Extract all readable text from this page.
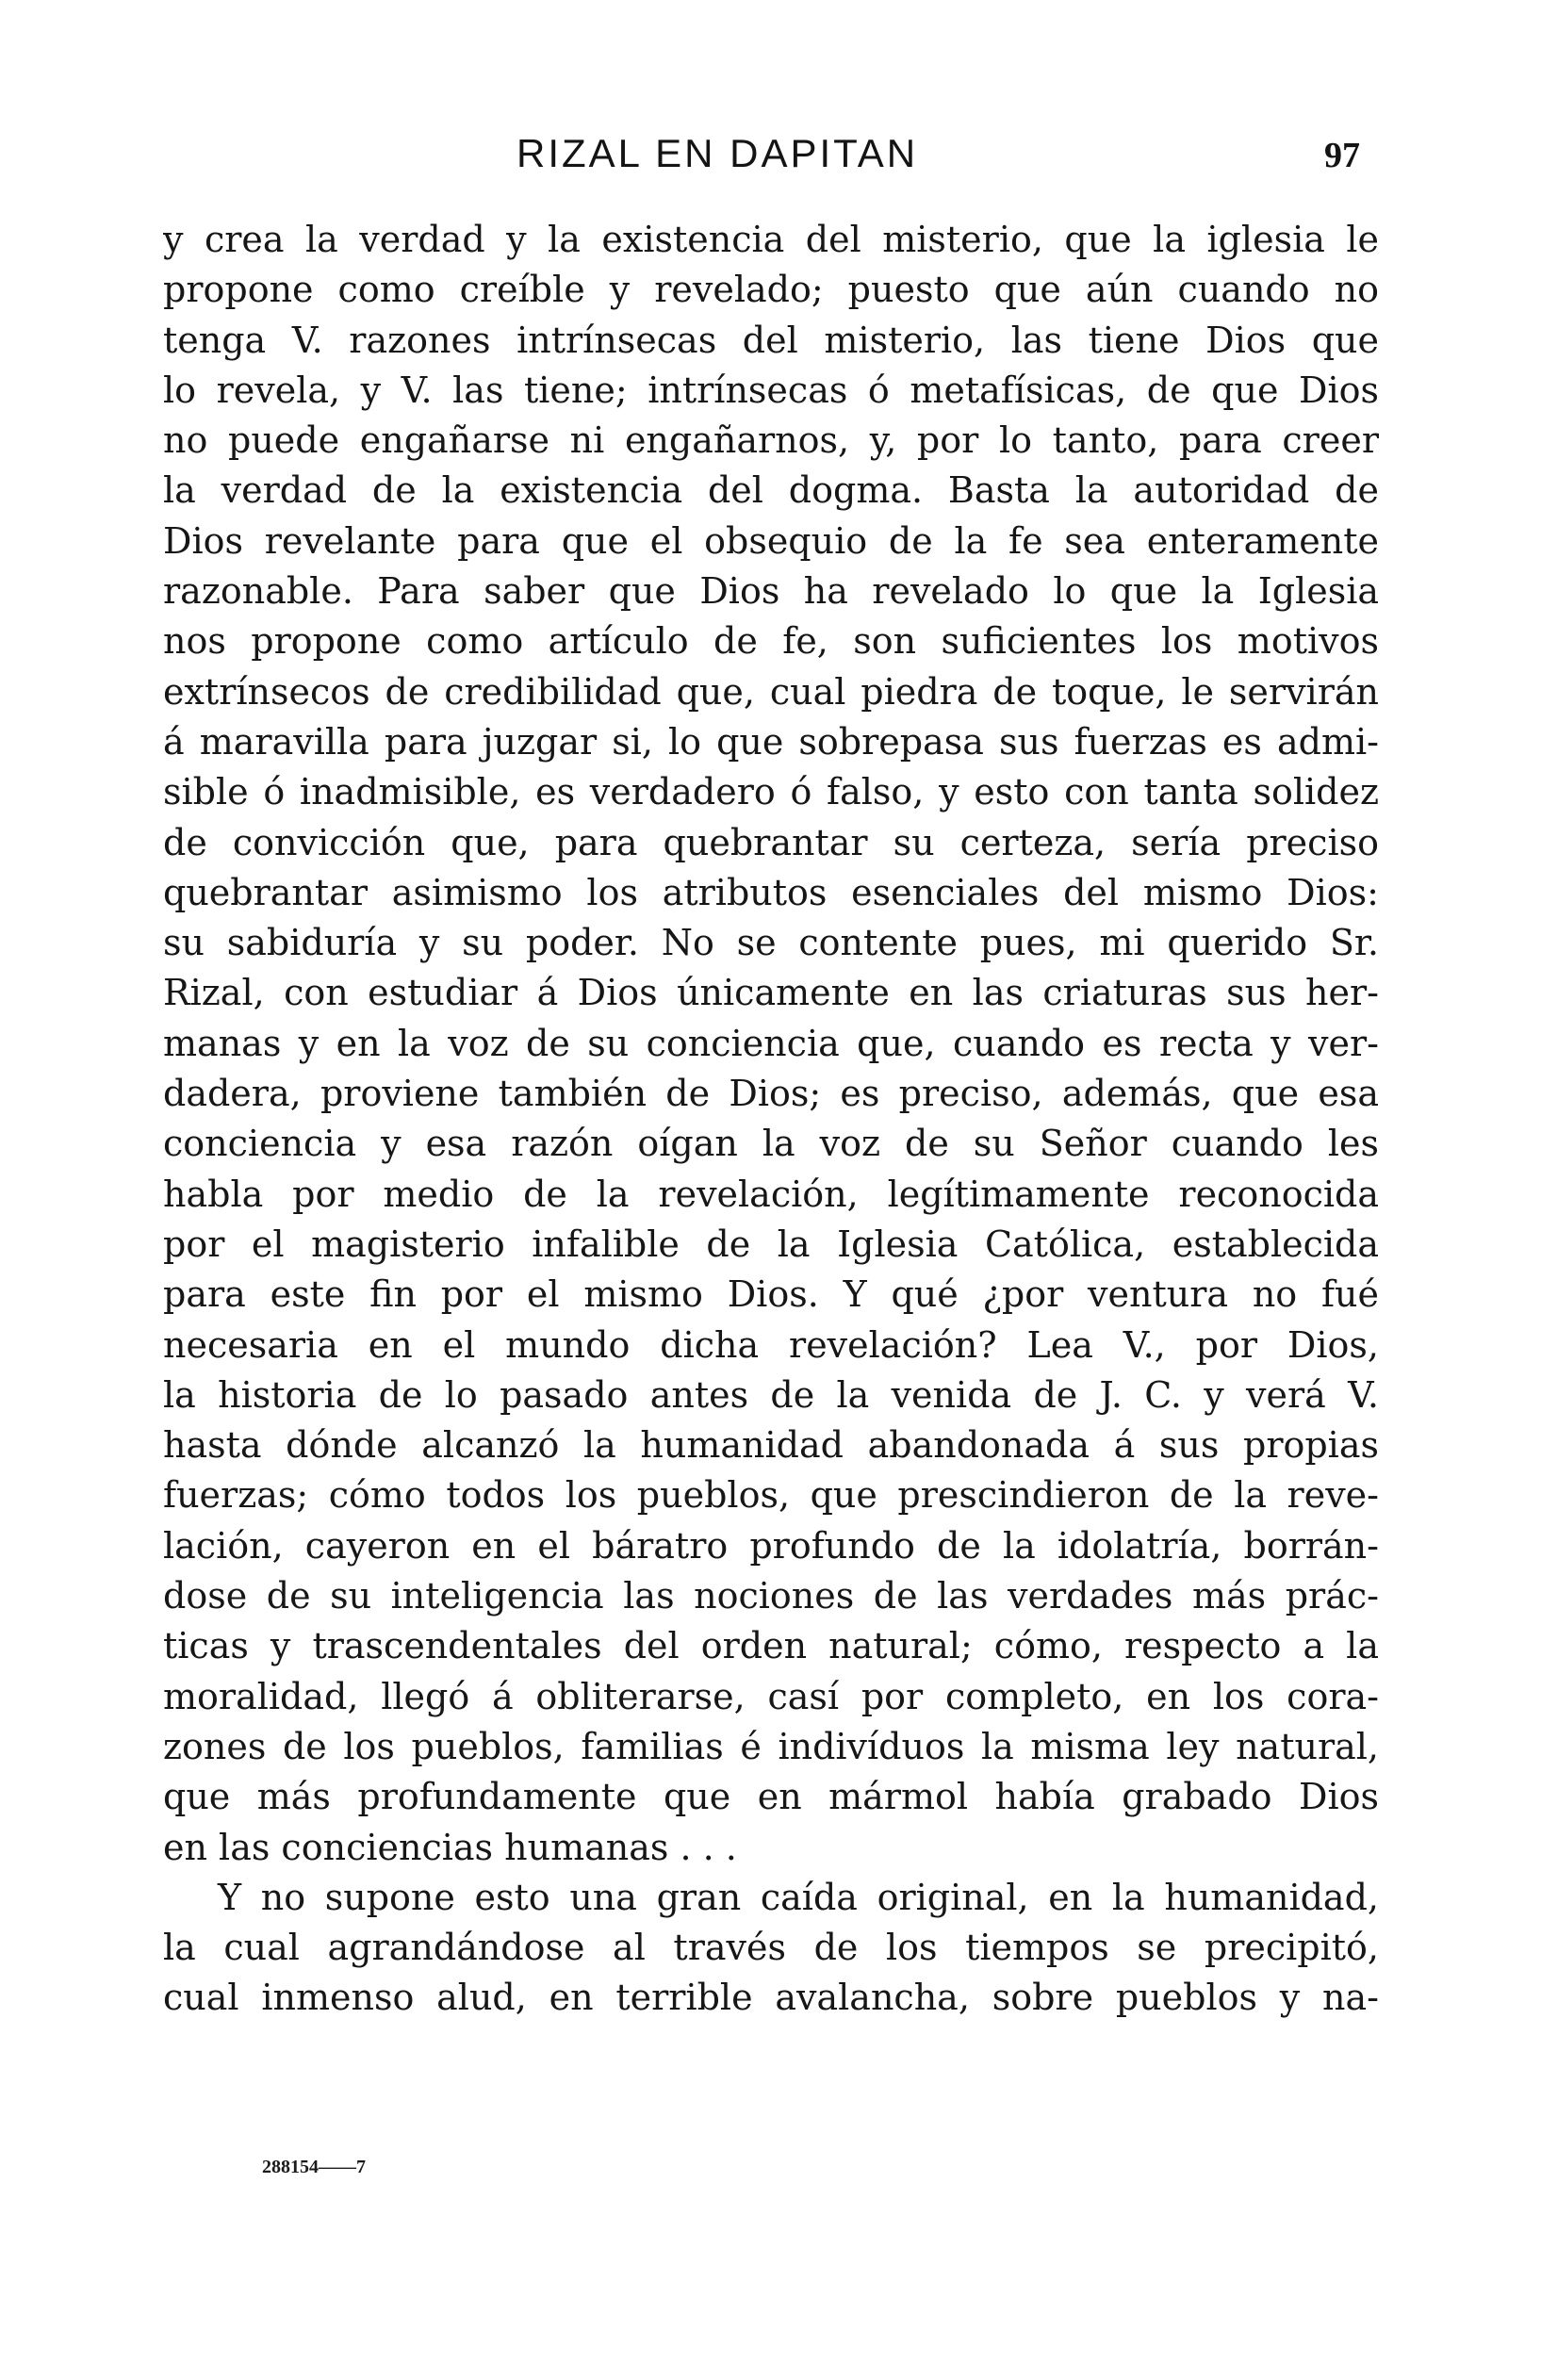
RIZAL EN DAPITAN	97
y crea la verdad y la existencia del misterio, que la iglesia le
propone como creíble y revelado; puesto que aún cuando no
tenga V. razones intrínsecas del misterio, las tiene Dios que
lo revela, y V. las tiene; intrínsecas ó metafísicas, de que Dios
no puede engañarse ni engañarnos, y, por lo tanto, para creer
la verdad de la existencia del dogma. Basta la autoridad de
Dios revelante para que el obsequio de la fe sea enteramente
razonable. Para saber que Dios ha revelado lo que la Iglesia
nos propone como artículo de fe, son suficientes los motivos
extrínsecos de credibilidad que, cual piedra de toque, le servirán
á maravilla para juzgar si, lo que sobrepasa sus fuerzas es admi-
sible ó inadmisible, es verdadero ó falso, y esto con tanta solidez
de convicción que, para quebrantar su certeza, sería preciso
quebrantar asimismo los atributos esenciales del mismo Dios:
su sabiduría y su poder. No se contente pues, mi querido Sr.
Rizal, con estudiar á Dios únicamente en las criaturas sus her-
manas y en la voz de su conciencia que, cuando es recta y ver-
dadera, proviene también de Dios; es preciso, además, que esa
conciencia y esa razón oígan la voz de su Señor cuando les
habla por medio de la revelación, legítimamente reconocida
por el magisterio infalible de la Iglesia Católica, establecida
para este fin por el mismo Dios. Y qué ¿por ventura no fué
necesaria en el mundo dicha revelación? Lea V., por Dios,
la historia de lo pasado antes de la venida de J. C. y verá V.
hasta dónde alcanzó la humanidad abandonada á sus propias
fuerzas; cómo todos los pueblos, que prescindieron de la reve-
lación, cayeron en el báratro profundo de la idolatría, borrán-
dose de su inteligencia las nociones de las verdades más prác-
ticas y trascendentales del orden natural; cómo, respecto a la
moralidad, llegó á obliterarse, casí por completo, en los cora-
zones de los pueblos, familias é indivíduos la misma ley natural,
que más profundamente que en mármol había grabado Dios
en las conciencias humanas . . .
Y no supone esto una gran caída original, en la humanidad,
la cual agrandándose al través de los tiempos se precipitó,
cual inmenso alud, en terrible avalancha, sobre pueblos y na-
288154——7
